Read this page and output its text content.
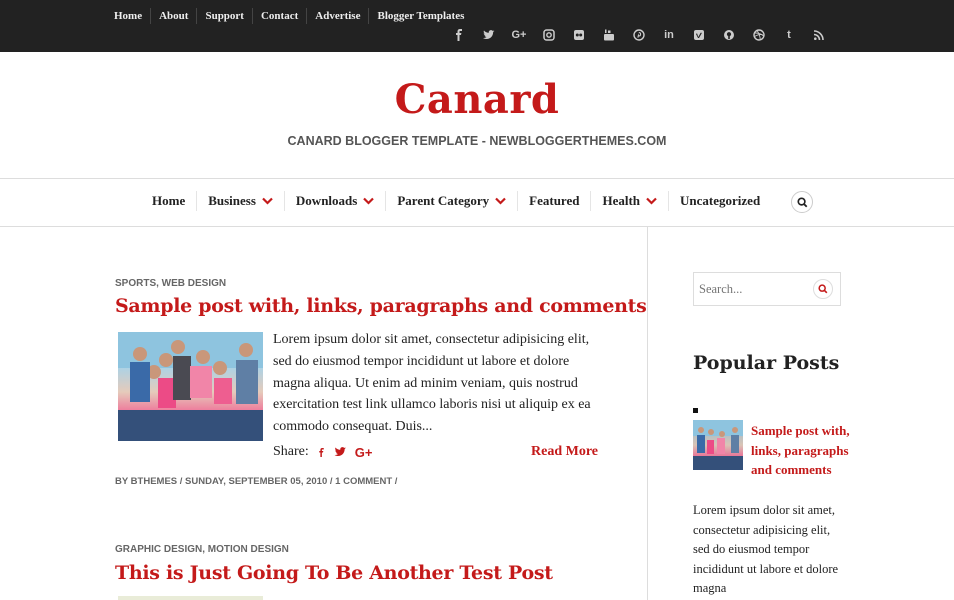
Home	About	Support	Contact	Advertise	Blogger Templates
G+	in	t
Canard
CANARD BLOGGER TEMPLATE - NEWBLOGGERTHEMES.COM
Home Business	Downloads	Parent Category	Featured Health	Uncategorized
SPORTS, WEB DESIGN
Sample post with, links, paragraphs and comments
Lorem ipsum dolor sit amet, consectetur adipisicing elit, sed do eiusmod tempor incididunt ut labore et dolore magna aliqua. Ut enim ad minim veniam, quis nostrud exercitation test link ullamco laboris nisi ut aliquip ex ea commodo consequat. Duis...
Share:	G+	Read More
BY BTHEMES / SUNDAY, SEPTEMBER 05, 2010 / 1 COMMENT /
GRAPHIC DESIGN, MOTION DESIGN
This is Just Going To Be Another Test Post
Search...
Popular Posts
Sample post with, links, paragraphs and comments
Lorem ipsum dolor sit amet, consectetur adipisicing elit, sed do eiusmod tempor incididunt ut labore et dolore magna
